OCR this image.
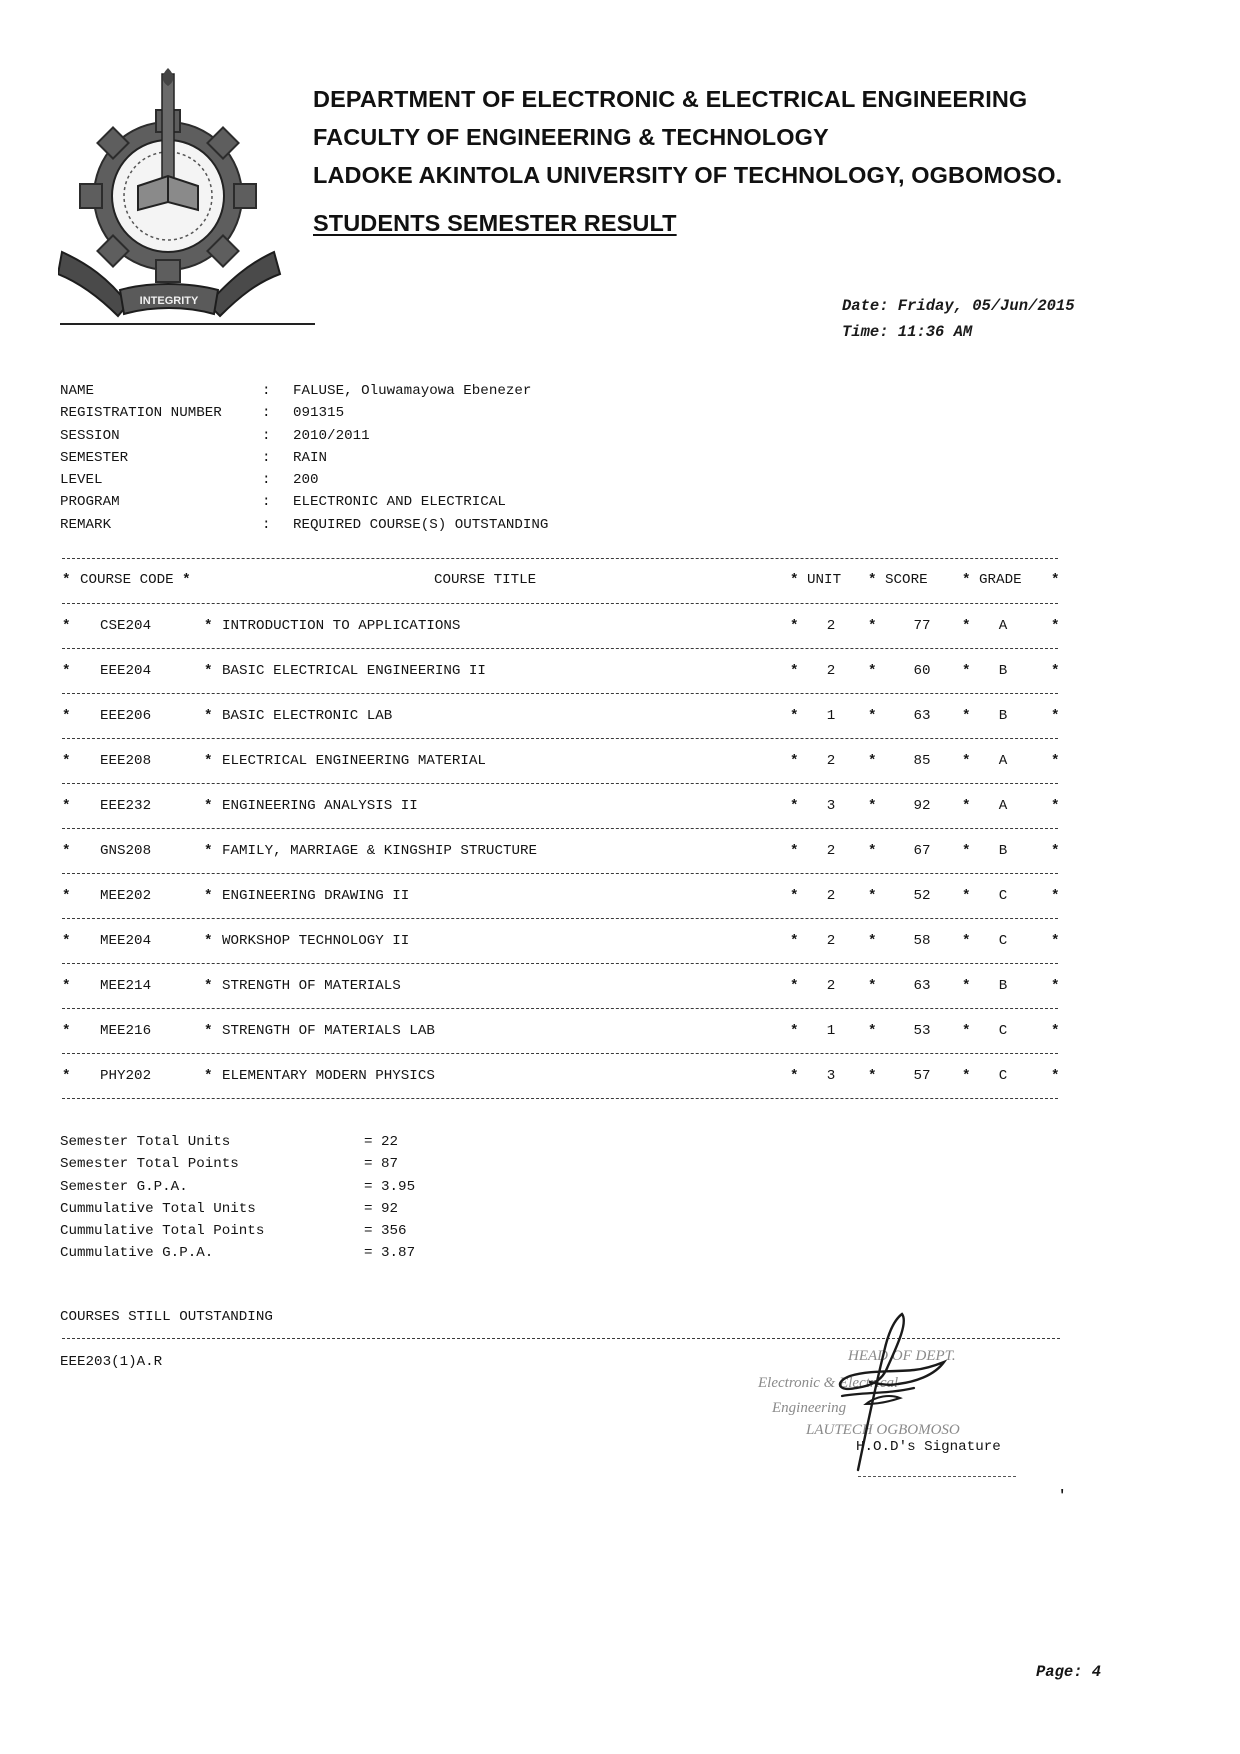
INTEGRITY
DEPARTMENT OF ELECTRONIC & ELECTRICAL ENGINEERING
FACULTY OF ENGINEERING & TECHNOLOGY
LADOKE AKINTOLA UNIVERSITY OF TECHNOLOGY, OGBOMOSO.
STUDENTS SEMESTER RESULT
Date: Friday, 05/Jun/2015
Time: 11:36 AM
NAME	:	FALUSE, Oluwamayowa Ebenezer
REGISTRATION NUMBER	:	091315
SESSION	:	2010/2011
SEMESTER	:	RAIN
LEVEL	:	200
PROGRAM	:	ELECTRONIC AND ELECTRICAL
REMARK	:	REQUIRED COURSE(S) OUTSTANDING
* COURSE CODE *	COURSE TITLE	* UNIT * SCORE * GRADE *
* CSE204	* INTRODUCTION TO APPLICATIONS	* 2 *	77 * A	*
* EEE204	* BASIC ELECTRICAL ENGINEERING II	* 2 *	60 * B	*
* EEE206	* BASIC ELECTRONIC LAB	* 1 *	63 * B	*
* EEE208	* ELECTRICAL ENGINEERING MATERIAL	* 2 *	85 * A	*
* EEE232	* ENGINEERING ANALYSIS II	* 3 *	92 * A	*
* GNS208	* FAMILY, MARRIAGE & KINGSHIP STRUCTURE	* 2 *	67 * B	*
* MEE202	* ENGINEERING DRAWING II	* 2 *	52 * C	*
* MEE204	* WORKSHOP TECHNOLOGY II	* 2 *	58 * C	*
* MEE214	* STRENGTH OF MATERIALS	* 2 *	63 * B	*
* MEE216	* STRENGTH OF MATERIALS LAB	* 1 *	53 * C	*
* PHY202	* ELEMENTARY MODERN PHYSICS	* 3 *	57 * C	*
Semester Total Units	= 22
Semester Total Points	= 87
Semester G.P.A.	= 3.95
Cummulative Total Units	= 92
Cummulative Total Points	= 356
Cummulative G.P.A.	= 3.87
COURSES STILL OUTSTANDING
EEE203(1)A.R	HEAD OF DEPT.
Electronic & Electrical
Engineering
LAUTECH OGBOMOSO
H.O.D's Signature
'
Page: 4
